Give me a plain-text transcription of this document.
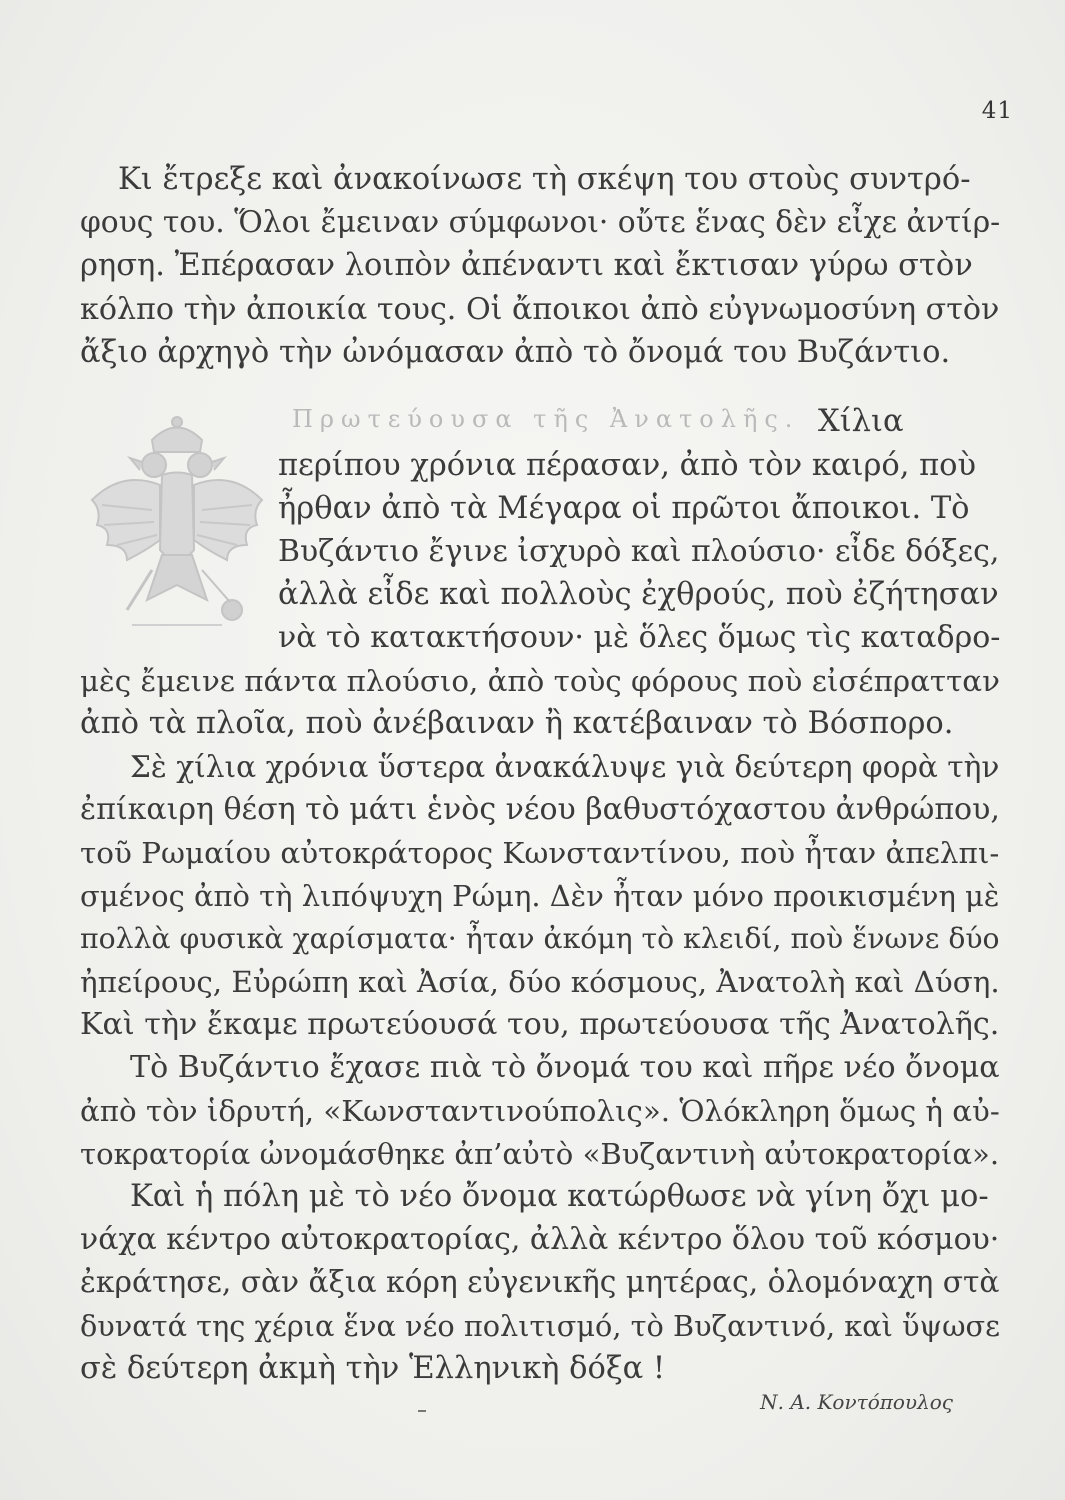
41
Πρωτεύουσα τῆς Ἀνατολῆς.
Κι ἔτρεξε καὶ ἀνακοίνωσε τὴ σκέψη του στοὺς συντρό-
φους του. Ὅλοι ἔμειναν σύμφωνοι· οὔτε ἕνας δὲν εἶχε ἀντίρ-
ρηση. Ἐπέρασαν λοιπὸν ἀπέναντι καὶ ἔκτισαν γύρω στὸν
κόλπο τὴν ἀποικία τους. Οἱ ἄποικοι ἀπὸ εὐγνωμοσύνη στὸν
ἄξιο ἀρχηγὸ τὴν ὠνόμασαν ἀπὸ τὸ ὄνομά του Βυζάντιο.
Χίλια
περίπου χρόνια πέρασαν, ἀπὸ τὸν καιρό, ποὺ
ἦρθαν ἀπὸ τὰ Μέγαρα οἱ πρῶτοι ἄποικοι. Τὸ
Βυζάντιο ἔγινε ἰσχυρὸ καὶ πλούσιο· εἶδε δόξες,
ἀλλὰ εἶδε καὶ πολλοὺς ἐχθρούς, ποὺ ἐζήτησαν
νὰ τὸ κατακτήσουν· μὲ ὅλες ὅμως τὶς καταδρο-
μὲς ἔμεινε πάντα πλούσιο, ἀπὸ τοὺς φόρους ποὺ εἰσέπρατταν
ἀπὸ τὰ πλοῖα, ποὺ ἀνέβαιναν ἢ κατέβαιναν τὸ Βόσπορο.
Σὲ χίλια χρόνια ὕστερα ἀνακάλυψε γιὰ δεύτερη φορὰ τὴν
ἐπίκαιρη θέση τὸ μάτι ἑνὸς νέου βαθυστόχαστου ἀνθρώπου,
τοῦ Ρωμαίου αὐτοκράτορος Κωνσταντίνου, ποὺ ἦταν ἀπελπι-
σμένος ἀπὸ τὴ λιπόψυχη Ρώμη. Δὲν ἦταν μόνο προικισμένη μὲ
πολλὰ φυσικὰ χαρίσματα· ἦταν ἀκόμη τὸ κλειδί, ποὺ ἕνωνε δύο
ἠπείρους, Εὐρώπη καὶ Ἀσία, δύο κόσμους, Ἀνατολὴ καὶ Δύση.
Καὶ τὴν ἔκαμε πρωτεύουσά του, πρωτεύουσα τῆς Ἀνατολῆς.
Τὸ Βυζάντιο ἔχασε πιὰ τὸ ὄνομά του καὶ πῆρε νέο ὄνομα
ἀπὸ τὸν ἱδρυτή, «Κωνσταντινούπολις». Ὁλόκληρη ὅμως ἡ αὐ-
τοκρατορία ὠνομάσθηκε ἀπ’αὐτὸ «Βυζαντινὴ αὐτοκρατορία».
Καὶ ἡ πόλη μὲ τὸ νέο ὄνομα κατώρθωσε νὰ γίνη ὄχι μο-
νάχα κέντρο αὐτοκρατορίας, ἀλλὰ κέντρο ὅλου τοῦ κόσμου·
ἐκράτησε, σὰν ἄξια κόρη εὐγενικῆς μητέρας, ὁλομόναχη στὰ
δυνατά της χέρια ἕνα νέο πολιτισμό, τὸ Βυζαντινό, καὶ ὕψωσε
σὲ δεύτερη ἀκμὴ τὴν Ἑλληνικὴ δόξα !
Ν. Α. Κοντόπουλος
